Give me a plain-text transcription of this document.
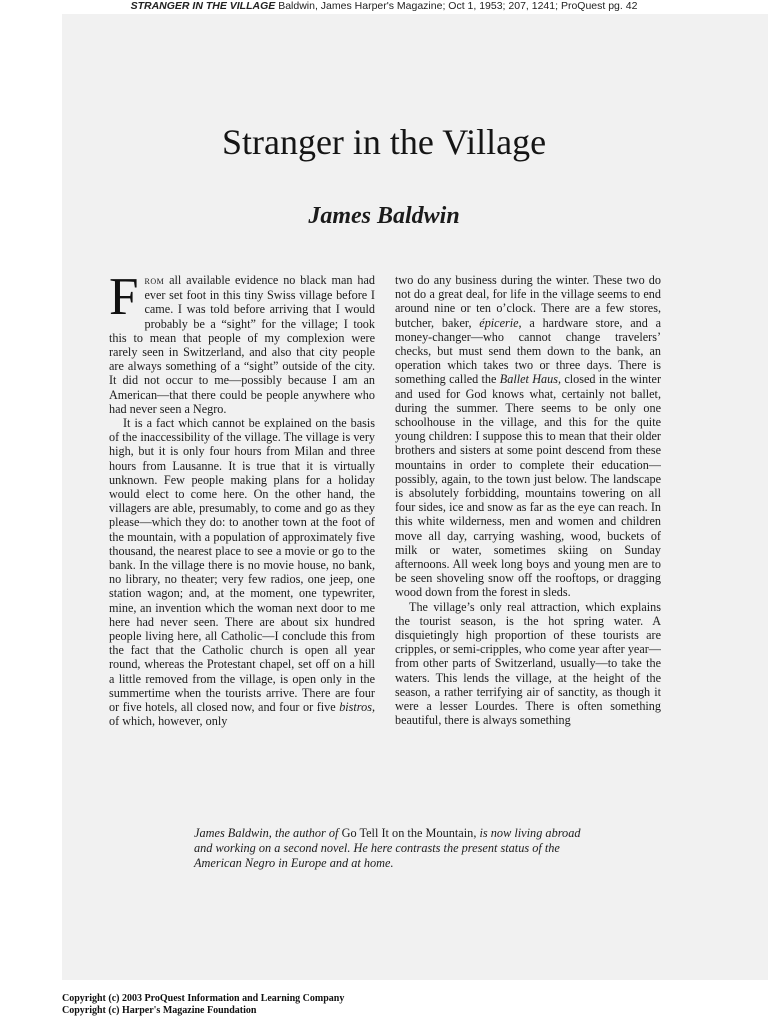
STRANGER IN THE VILLAGE Baldwin, James Harper's Magazine; Oct 1, 1953; 207, 1241; ProQuest pg. 42
Stranger in the Village
James Baldwin

From all available evidence no black man had ever set foot in this tiny Swiss village before I came. I was told before arriving that I would probably be a “sight” for the village; I took this to mean that people of my complexion were rarely seen in Switzerland, and also that city people are always something of a “sight” outside of the city. It did not occur to me—possibly because I am an American—that there could be people anywhere who had never seen a Negro.

It is a fact which cannot be explained on the basis of the inaccessibility of the village. The village is very high, but it is only four hours from Milan and three hours from Lausanne. It is true that it is virtually unknown. Few people making plans for a holiday would elect to come here. On the other hand, the villagers are able, presumably, to come and go as they please—which they do: to another town at the foot of the mountain, with a population of approximately five thousand, the nearest place to see a movie or go to the bank. In the village there is no movie house, no bank, no library, no theater; very few radios, one jeep, one station wagon; and, at the moment, one typewriter, mine, an invention which the woman next door to me here had never seen. There are about six hundred people living here, all Catholic—I conclude this from the fact that the Catholic church is open all year round, whereas the Protestant chapel, set off on a hill a little removed from the village, is open only in the summertime when the tourists arrive. There are four or five hotels, all closed now, and four or five bistros, of which, however, only

two do any business during the winter. These two do not do a great deal, for life in the village seems to end around nine or ten o’clock. There are a few stores, butcher, baker, épicerie, a hardware store, and a money-changer—who cannot change travelers’ checks, but must send them down to the bank, an operation which takes two or three days. There is something called the Ballet Haus, closed in the winter and used for God knows what, certainly not ballet, during the summer. There seems to be only one schoolhouse in the village, and this for the quite young children: I suppose this to mean that their older brothers and sisters at some point descend from these mountains in order to complete their education—possibly, again, to the town just below. The landscape is absolutely forbidding, mountains towering on all four sides, ice and snow as far as the eye can reach. In this white wilderness, men and women and children move all day, carrying washing, wood, buckets of milk or water, sometimes skiing on Sunday afternoons. All week long boys and young men are to be seen shoveling snow off the rooftops, or dragging wood down from the forest in sleds.

The village’s only real attraction, which explains the tourist season, is the hot spring water. A disquietingly high proportion of these tourists are cripples, or semi-cripples, who come year after year—from other parts of Switzerland, usually—to take the waters. This lends the village, at the height of the season, a rather terrifying air of sanctity, as though it were a lesser Lourdes. There is often something beautiful, there is always something

James Baldwin, the author of Go Tell It on the Mountain, is now living abroad and working on a second novel. He here contrasts the present status of the American Negro in Europe and at home.
Copyright (c) 2003 ProQuest Information and Learning Company
Copyright (c) Harper's Magazine Foundation
